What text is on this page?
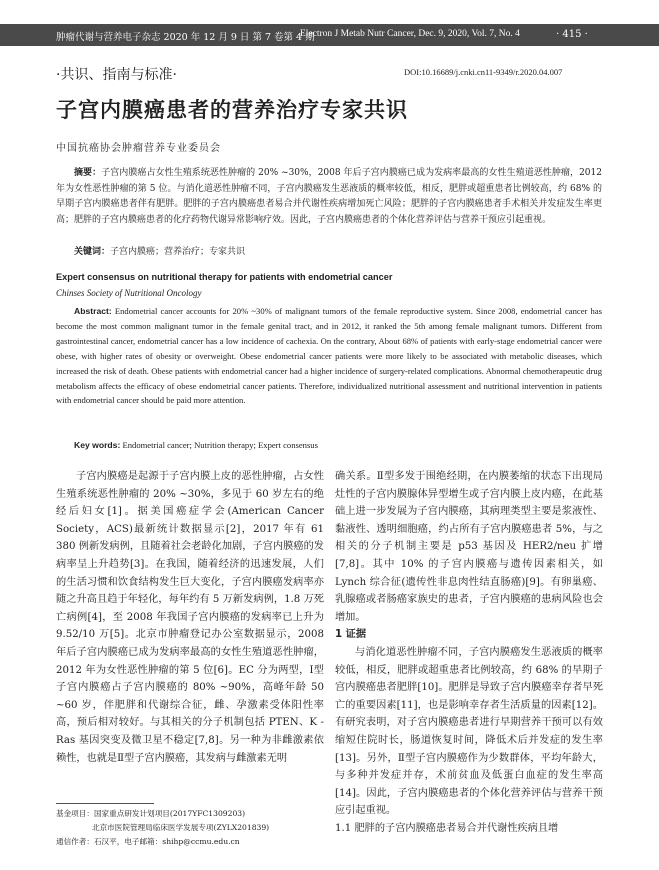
肿瘤代谢与营养电子杂志 2020 年 12 月 9 日 第 7 卷第 4 期
Electron J Metab Nutr Cancer, Dec. 9, 2020, Vol. 7, No. 4	· 415 ·
·共识、指南与标准·	DOI:10.16689/j.cnki.cn11-9349/r.2020.04.007
子宫内膜癌患者的营养治疗专家共识
中国抗癌协会肿瘤营养专业委员会
摘要：子宫内膜癌占女性生殖系统恶性肿瘤的 20% ~30%，2008 年后子宫内膜癌已成为发病率最高的女性生殖道恶性肿瘤，2012 年为女性恶性肿瘤的第 5 位。与消化道恶性肿瘤不同，子宫内膜癌发生恶液质的概率较低，相反，肥胖或超重患者比例较高，约 68% 的早期子宫内膜癌患者伴有肥胖。肥胖的子宫内膜癌患者易合并代谢性疾病增加死亡风险；肥胖的子宫内膜癌患者手术相关并发症发生率更高；肥胖的子宫内膜癌患者的化疗药物代谢异常影响疗效。因此，子宫内膜癌患者的个体化营养评估与营养干预应引起重视。
关键词：子宫内膜癌；营养治疗；专家共识
Expert consensus on nutritional therapy for patients with endometrial cancer
Chinses Society of Nutritional Oncology
Abstract: Endometrial cancer accounts for 20% ~30% of malignant tumors of the female reproductive system. Since 2008, endometrial cancer has become the most common malignant tumor in the female genital tract, and in 2012, it ranked the 5th among female malignant tumors. Different from gastrointestinal cancer, endometrial cancer has a low incidence of cachexia. On the contrary, About 68% of patients with early-stage endometrial cancer were obese, with higher rates of obesity or overweight. Obese endometrial cancer patients were more likely to be associated with metabolic diseases, which increased the risk of death. Obese patients with endometrial cancer had a higher incidence of surgery-related complications. Abnormal chemotherapeutic drug metabolism affects the efficacy of obese endometrial cancer patients. Therefore, individualized nutritional assessment and nutritional intervention in patients with endometrial cancer should be paid more attention.
Key words: Endometrial cancer; Nutrition therapy; Expert consensus

子宫内膜癌是起源于子宫内膜上皮的恶性肿瘤，占女性生殖系统恶性肿瘤的 20% ~30%，多见于 60 岁左右的绝经后妇女[1]。据美国癌症学会(American Cancer Society，ACS)最新统计数据显示[2]，2017 年有 61 380 例新发病例，且随着社会老龄化加剧，子宫内膜癌的发病率呈上升趋势[3]。在我国，随着经济的迅速发展，人们的生活习惯和饮食结构发生巨大变化，子宫内膜癌发病率亦随之升高且趋于年轻化，每年约有 5 万新发病例，1.8 万死亡病例[4]，至 2008 年我国子宫内膜癌的发病率已上升为 9.52/10 万[5]。北京市肿瘤登记办公室数据显示，2008 年后子宫内膜癌已成为发病率最高的女性生殖道恶性肿瘤，2012 年为女性恶性肿瘤的第 5 位[6]。EC 分为两型，Ⅰ型子宫内膜癌占子宫内膜癌的 80% ~90%，高峰年龄 50 ~60 岁，伴肥胖和代谢综合征，雌、孕激素受体阳性率高，预后相对较好。与其相关的分子机制包括 PTEN、K - Ras 基因突变及微卫星不稳定[7,8]。另一种为非雌激素依赖性，也就是Ⅱ型子宫内膜癌，其发病与雌激素无明

确关系。Ⅱ型多发于围绝经期，在内膜萎缩的状态下出现局灶性的子宫内膜腺体异型增生或子宫内膜上皮内癌，在此基础上进一步发展为子宫内膜癌，其病理类型主要是浆液性、黏液性、透明细胞癌，约占所有子宫内膜癌患者 5%，与之相关的分子机制主要是 p53 基因及 HER2/neu 扩增[7,8]。其中 10% 的子宫内膜癌与遗传因素相关，如 Lynch 综合征(遗传性非息肉性结直肠癌)[9]。有卵巢癌、乳腺癌或者肠癌家族史的患者，子宫内膜癌的患病风险也会增加。

1 证据

与消化道恶性肿瘤不同，子宫内膜癌发生恶液质的概率较低，相反，肥胖或超重患者比例较高，约 68% 的早期子宫内膜癌患者肥胖[10]。肥胖是导致子宫内膜癌幸存者早死亡的重要因素[11]，也是影响幸存者生活质量的因素[12]。有研究表明，对子宫内膜癌患者进行早期营养干预可以有效缩短住院时长，肠道恢复时间，降低术后并发症的发生率[13]。另外，Ⅱ型子宫内膜癌作为少数群体，平均年龄大，与多种并发症并存，术前贫血及低蛋白血症的发生率高[14]。因此，子宫内膜癌患者的个体化营养评估与营养干预应引起重视。

1.1 肥胖的子宫内膜癌患者易合并代谢性疾病且增

基金项目：国家重点研发计划项目(2017YFC1309203)
北京市医院管理局临床医学发展专项(ZYLX201839)
通信作者：石汉平，电子邮箱：shihp@ccmu.edu.cn
